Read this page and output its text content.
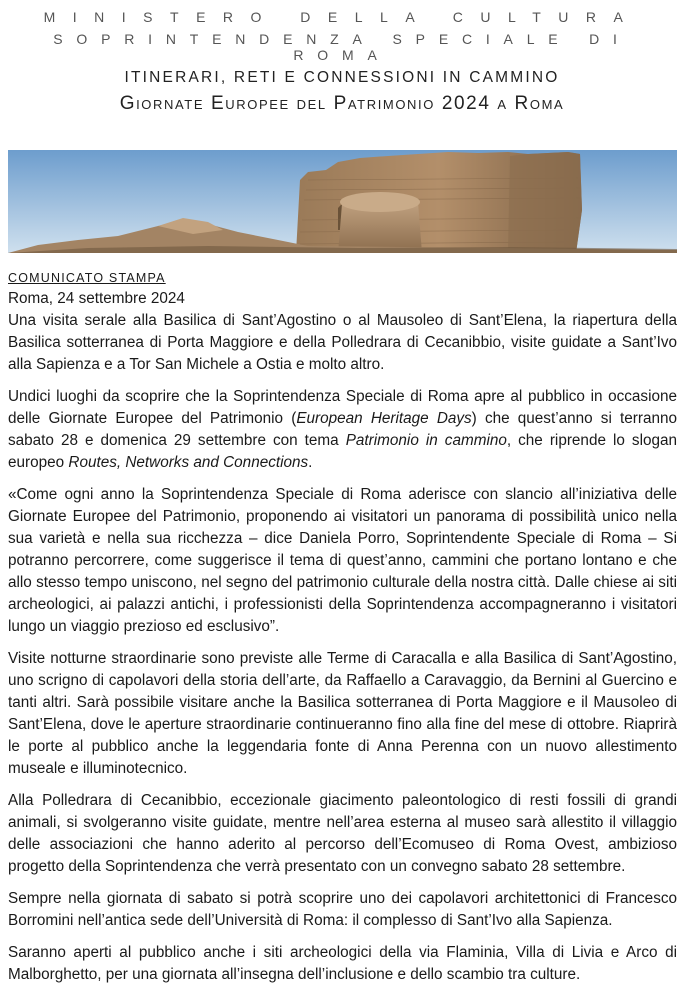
MINISTERO DELLA CULTURA
SOPRINTENDENZA SPECIALE DI ROMA
ITINERARI, RETI E CONNESSIONI IN CAMMINO
Giornate Europee del Patrimonio 2024 a Roma
COMUNICATO STAMPA
Roma, 24 settembre 2024

Una visita serale alla Basilica di Sant’Agostino o al Mausoleo di Sant’Elena, la riapertura della Basilica sotterranea di Porta Maggiore e della Polledrara di Cecanibbio, visite guidate a Sant’Ivo alla Sapienza e a Tor San Michele a Ostia e molto altro.

Undici luoghi da scoprire che la Soprintendenza Speciale di Roma apre al pubblico in occasione delle Giornate Europee del Patrimonio (European Heritage Days) che quest’anno si terranno sabato 28 e domenica 29 settembre con tema Patrimonio in cammino, che riprende lo slogan europeo Routes, Networks and Connections.

«Come ogni anno la Soprintendenza Speciale di Roma aderisce con slancio all’iniziativa delle Giornate Europee del Patrimonio, proponendo ai visitatori un panorama di possibilità unico nella sua varietà e nella sua ricchezza – dice Daniela Porro, Soprintendente Speciale di Roma – Si potranno percorrere, come suggerisce il tema di quest’anno, cammini che portano lontano e che allo stesso tempo uniscono, nel segno del patrimonio culturale della nostra città. Dalle chiese ai siti archeologici, ai palazzi antichi, i professionisti della Soprintendenza accompagneranno i visitatori lungo un viaggio prezioso ed esclusivo”.

Visite notturne straordinarie sono previste alle Terme di Caracalla e alla Basilica di Sant’Agostino, uno scrigno di capolavori della storia dell’arte, da Raffaello a Caravaggio, da Bernini al Guercino e tanti altri. Sarà possibile visitare anche la Basilica sotterranea di Porta Maggiore e il Mausoleo di Sant’Elena, dove le aperture straordinarie continueranno fino alla fine del mese di ottobre. Riaprirà le porte al pubblico anche la leggendaria fonte di Anna Perenna con un nuovo allestimento museale e illuminotecnico.

Alla Polledrara di Cecanibbio, eccezionale giacimento paleontologico di resti fossili di grandi animali, si svolgeranno visite guidate, mentre nell’area esterna al museo sarà allestito il villaggio delle associazioni che hanno aderito al percorso dell’Ecomuseo di Roma Ovest, ambizioso progetto della Soprintendenza che verrà presentato con un convegno sabato 28 settembre.

Sempre nella giornata di sabato si potrà scoprire uno dei capolavori architettonici di Francesco Borromini nell’antica sede dell’Università di Roma: il complesso di Sant’Ivo alla Sapienza.

Saranno aperti al pubblico anche i siti archeologici della via Flaminia, Villa di Livia e Arco di Malborghetto, per una giornata all’insegna dell’inclusione e dello scambio tra culture.
